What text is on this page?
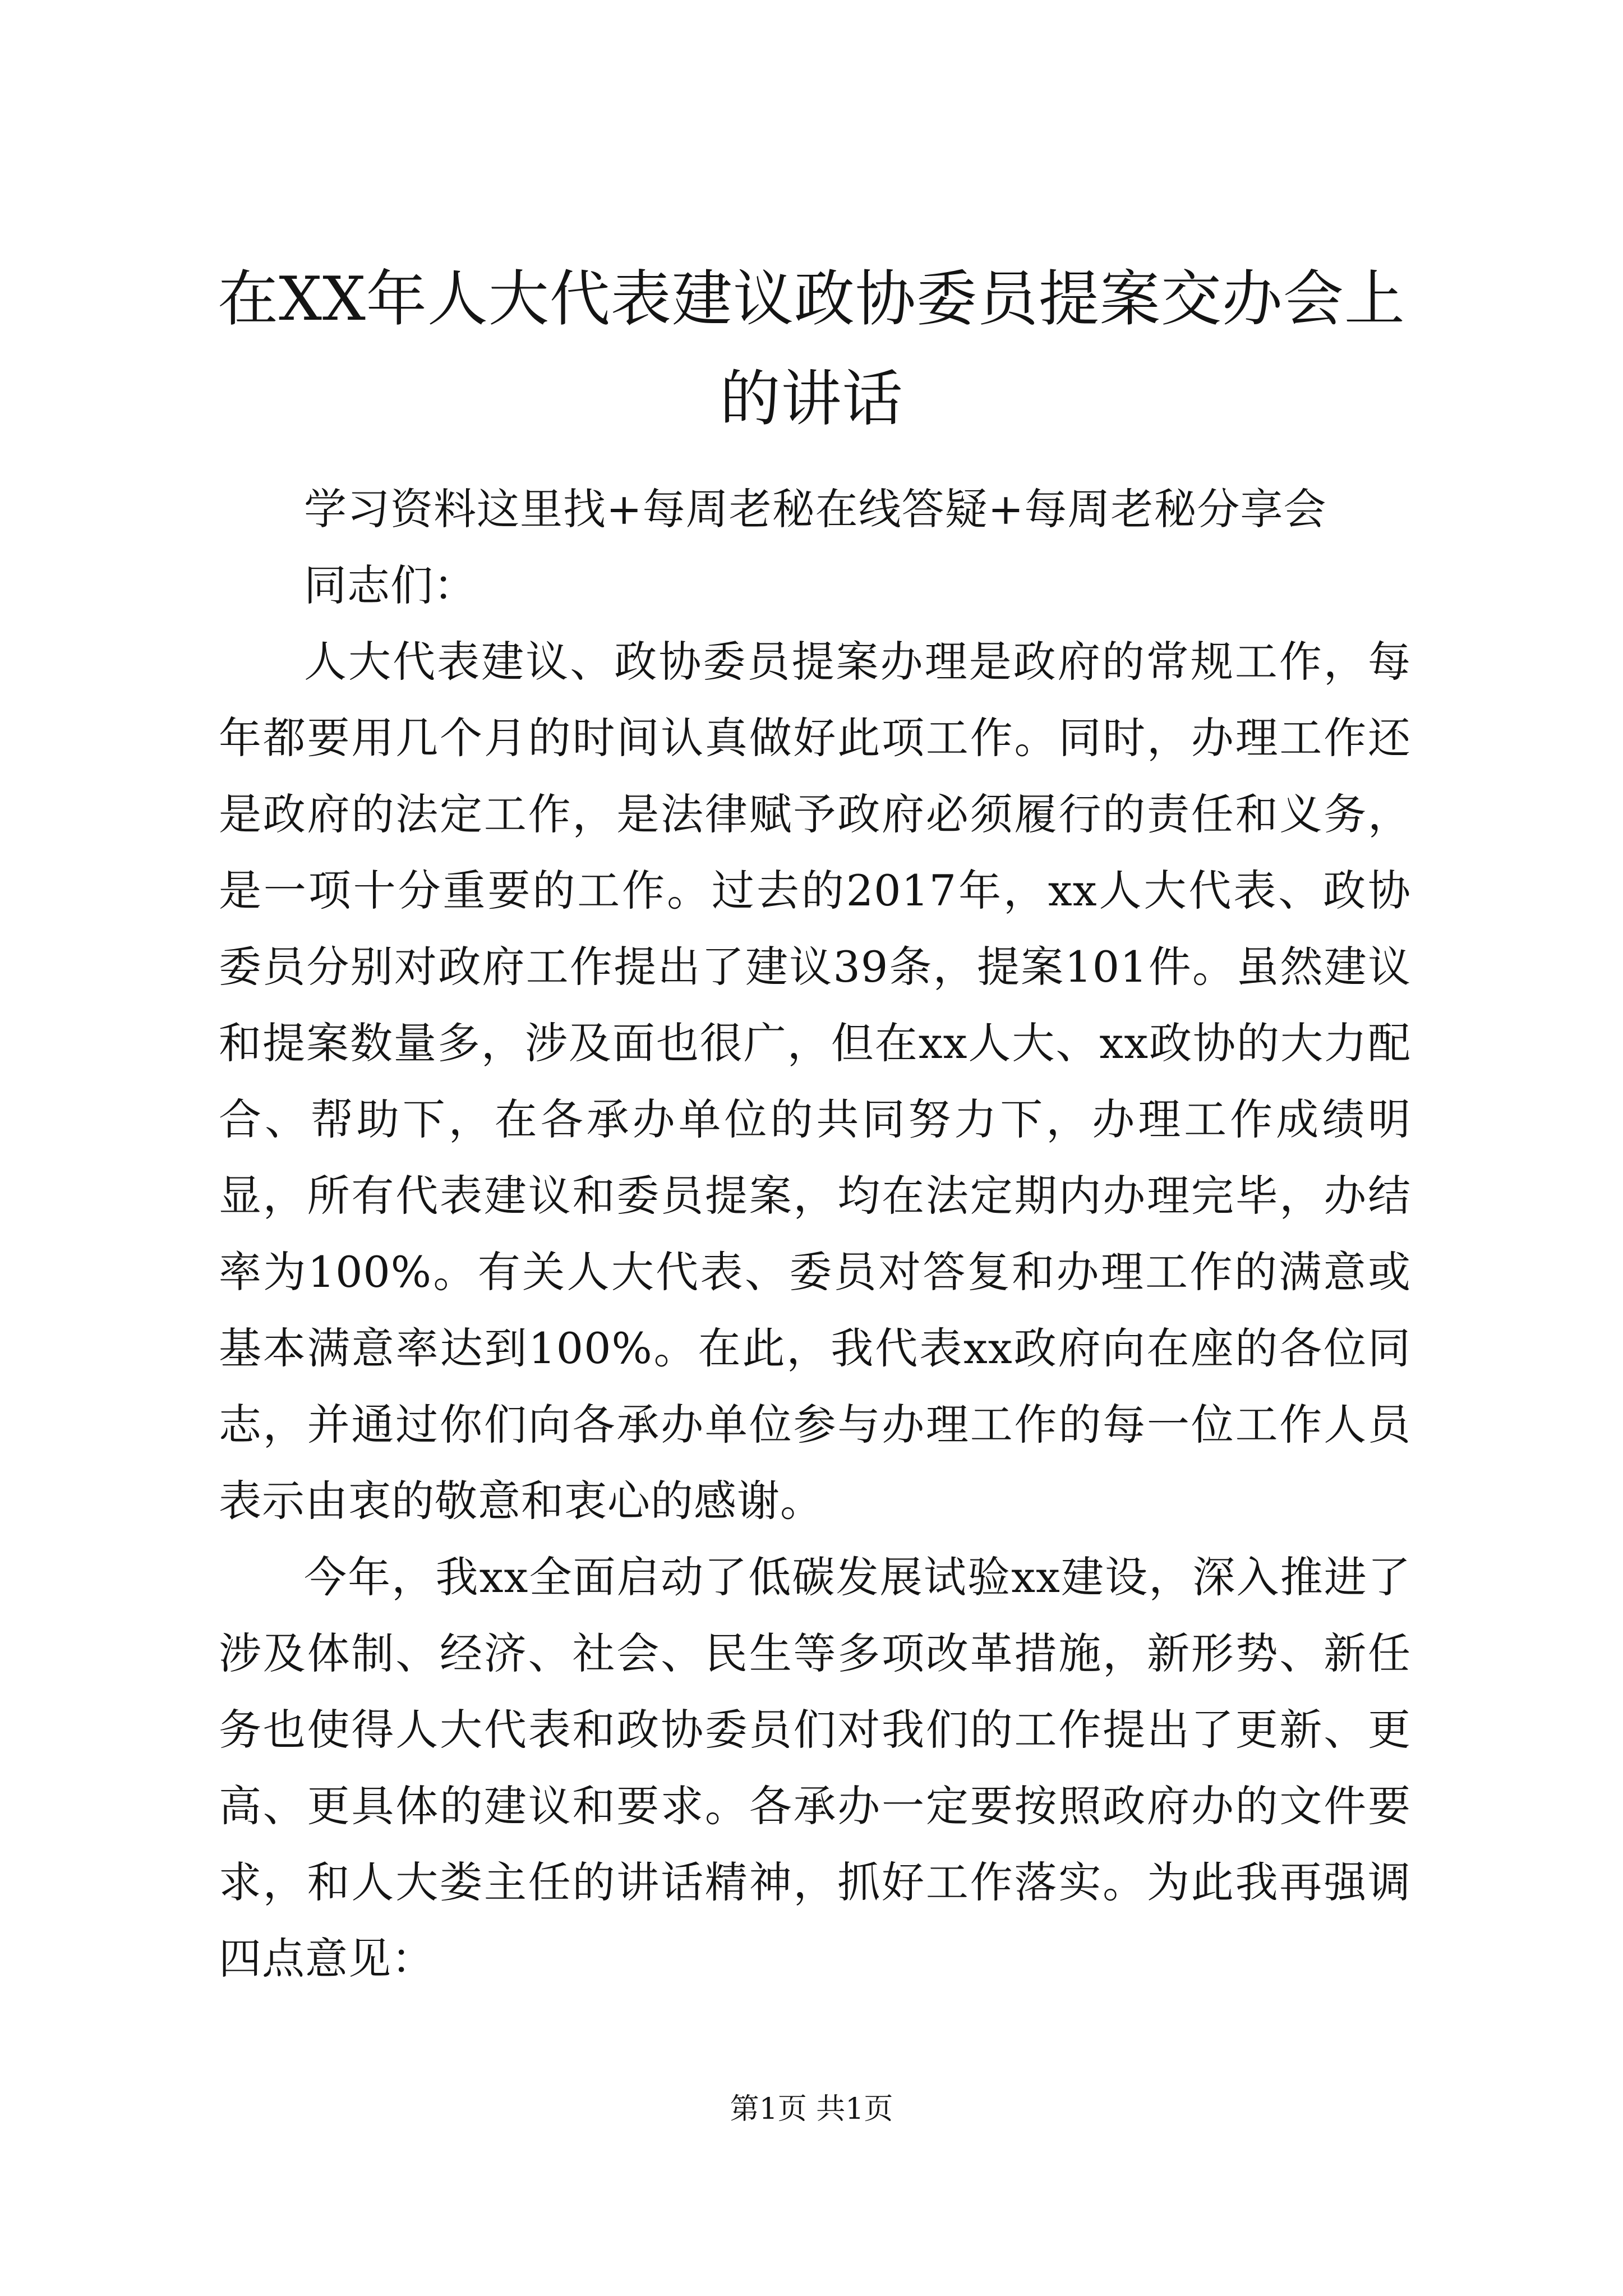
在XX年人大代表建议政协委员提案交办会上的讲话

学习资料这里找+每周老秘在线答疑+每周老秘分享会

同志们：

人大代表建议、政协委员提案办理是政府的常规工作，每年都要用几个月的时间认真做好此项工作。同时，办理工作还是政府的法定工作，是法律赋予政府必须履行的责任和义务，是一项十分重要的工作。过去的2017年，xx人大代表、政协委员分别对政府工作提出了建议39条，提案101件。虽然建议和提案数量多，涉及面也很广，但在xx人大、xx政协的大力配合、帮助下，在各承办单位的共同努力下，办理工作成绩明显，所有代表建议和委员提案，均在法定期内办理完毕，办结率为100%。有关人大代表、委员对答复和办理工作的满意或基本满意率达到100%。在此，我代表xx政府向在座的各位同志，并通过你们向各承办单位参与办理工作的每一位工作人员表示由衷的敬意和衷心的感谢。

今年，我xx全面启动了低碳发展试验xx建设，深入推进了涉及体制、经济、社会、民生等多项改革措施，新形势、新任务也使得人大代表和政协委员们对我们的工作提出了更新、更高、更具体的建议和要求。各承办一定要按照政府办的文件要求，和人大娄主任的讲话精神，抓好工作落实。为此我再强调四点意见：

第1页 共1页
